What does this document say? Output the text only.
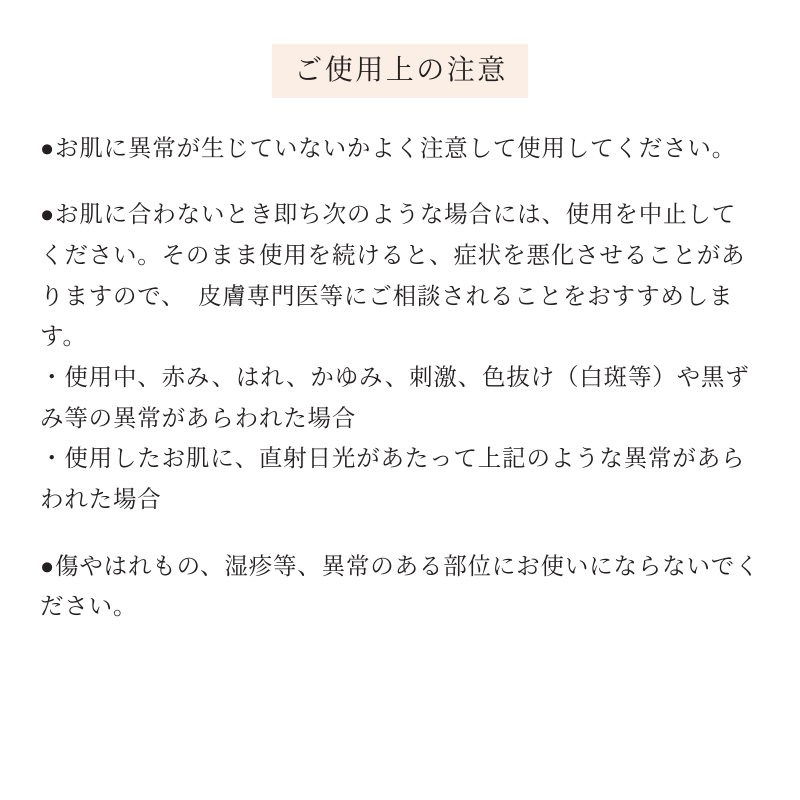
ご使用上の注意

●お肌に異常が生じていないかよく注意して使用してください。

●お肌に合わないとき即ち次のような場合には、使用を中止してください。そのまま使用を続けると、症状を悪化させることがありますので、　皮膚専門医等にご相談されることをおすすめします。

・使用中、赤み、はれ、かゆみ、刺激、色抜け（白斑等）や黒ずみ等の異常があらわれた場合

・使用したお肌に、直射日光があたって上記のような異常があらわれた場合

●傷やはれもの、湿疹等、異常のある部位にお使いにならないでください。
